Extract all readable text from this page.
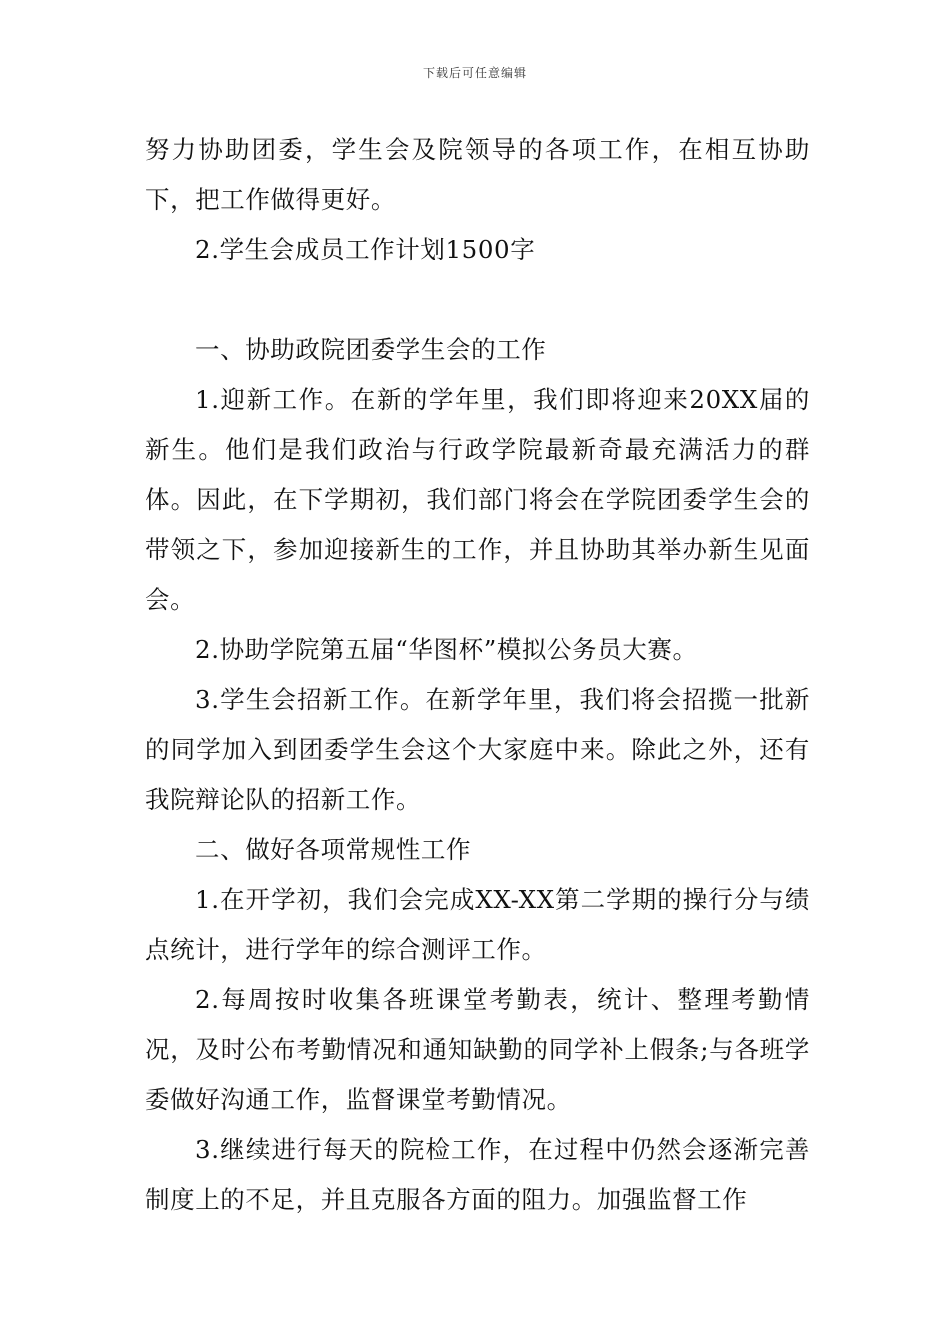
下载后可任意编辑

努力协助团委，学生会及院领导的各项工作，在相互协助下，把工作做得更好。

2.学生会成员工作计划1500字

一、协助政院团委学生会的工作

1.迎新工作。在新的学年里，我们即将迎来20XX届的新生。他们是我们政治与行政学院最新奇最充满活力的群体。因此，在下学期初，我们部门将会在学院团委学生会的带领之下，参加迎接新生的工作，并且协助其举办新生见面会。

2.协助学院第五届“华图杯”模拟公务员大赛。

3.学生会招新工作。在新学年里，我们将会招揽一批新的同学加入到团委学生会这个大家庭中来。除此之外，还有我院辩论队的招新工作。

二、做好各项常规性工作

1.在开学初，我们会完成XX-XX第二学期的操行分与绩点统计，进行学年的综合测评工作。

2.每周按时收集各班课堂考勤表，统计、整理考勤情况，及时公布考勤情况和通知缺勤的同学补上假条;与各班学委做好沟通工作，监督课堂考勤情况。

3.继续进行每天的院检工作，在过程中仍然会逐渐完善制度上的不足，并且克服各方面的阻力。加强监督工作
